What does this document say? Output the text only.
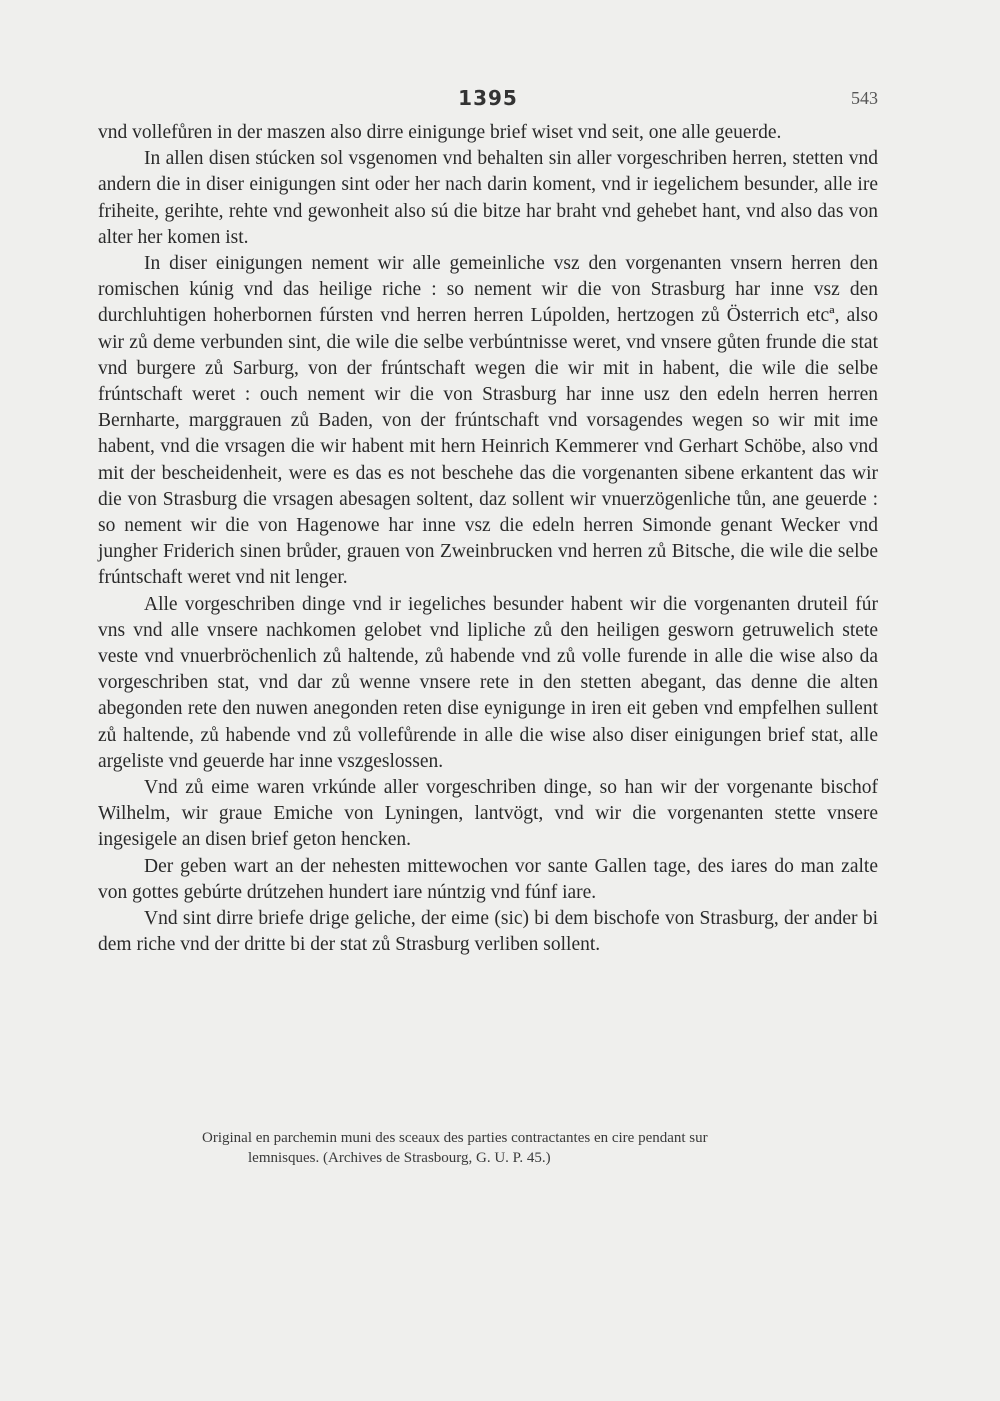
1395	543

vnd vollefůren in der maszen also dirre einigunge brief wiset vnd seit, one alle geuerde.

In allen disen stúcken sol vsgenomen vnd behalten sin aller vorgeschriben herren, stetten vnd andern die in diser einigungen sint oder her nach darin koment, vnd ir iegelichem besunder, alle ire friheite, gerihte, rehte vnd gewonheit also sú die bitze har braht vnd gehebet hant, vnd also das von alter her komen ist.

In diser einigungen nement wir alle gemeinliche vsz den vorgenanten vnsern herren den romischen kúnig vnd das heilige riche : so nement wir die von Strasburg har inne vsz den durchluhtigen hoherbornen fúrsten vnd herren herren Lúpolden, hertzogen zů Österrich etcª, also wir zů deme verbunden sint, die wile die selbe verbúntnisse weret, vnd vnsere gůten frunde die stat vnd burgere zů Sarburg, von der frúntschaft wegen die wir mit in habent, die wile die selbe frúntschaft weret : ouch nement wir die von Strasburg har inne usz den edeln herren herren Bernharte, marggrauen zů Baden, von der frúntschaft vnd vorsagendes wegen so wir mit ime habent, vnd die vrsagen die wir habent mit hern Heinrich Kemmerer vnd Gerhart Schöbe, also vnd mit der bescheidenheit, were es das es not beschehe das die vorgenanten sibene erkantent das wir die von Strasburg die vrsagen abesagen soltent, daz sollent wir vnuerzögenliche tůn, ane geuerde : so nement wir die von Hagenowe har inne vsz die edeln herren Simonde genant Wecker vnd jungher Friderich sinen brůder, grauen von Zweinbrucken vnd herren zů Bitsche, die wile die selbe frúntschaft weret vnd nit lenger.

Alle vorgeschriben dinge vnd ir iegeliches besunder habent wir die vorgenanten druteil fúr vns vnd alle vnsere nachkomen gelobet vnd lipliche zů den heiligen gesworn getruwelich stete veste vnd vnuerbröchenlich zů haltende, zů habende vnd zů volle furende in alle die wise also da vorgeschriben stat, vnd dar zů wenne vnsere rete in den stetten abegant, das denne die alten abegonden rete den nuwen anegonden reten dise eynigunge in iren eit geben vnd empfelhen sullent zů haltende, zů habende vnd zů vollefůrende in alle die wise also diser einigungen brief stat, alle argeliste vnd geuerde har inne vszgeslossen.

Vnd zů eime waren vrkúnde aller vorgeschriben dinge, so han wir der vorgenante bischof Wilhelm, wir graue Emiche von Lyningen, lantvögt, vnd wir die vorgenanten stette vnsere ingesigele an disen brief geton hencken.

Der geben wart an der nehesten mittewochen vor sante Gallen tage, des iares do man zalte von gottes gebúrte drútzehen hundert iare núntzig vnd fúnf iare.

Vnd sint dirre briefe drige geliche, der eime (sic) bi dem bischofe von Strasburg, der ander bi dem riche vnd der dritte bi der stat zů Strasburg verliben sollent.

Original en parchemin muni des sceaux des parties contractantes en cire pendant sur
lemnisques. (Archives de Strasbourg, G. U. P. 45.)
